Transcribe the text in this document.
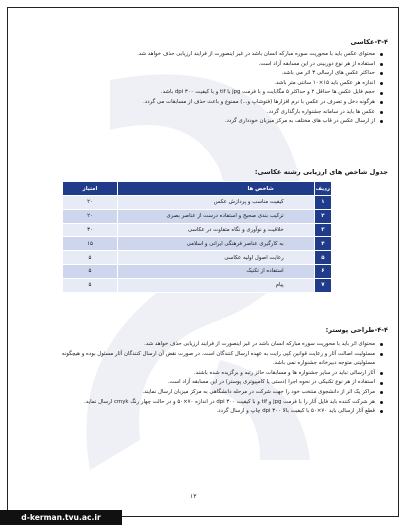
۳-۴-عکاسی
محتوای عکس باید با محوریت سوره مبارکه انسان باشد در غیر اینصورت از فرایند ارزیابی حذف خواهد شد.
استفاده از هر نوع دوربینی در این مسابقه آزاد است.
حداکثر عکس های ارسالی ۳ اثر می باشد.
اندازه هر عکس باید ۱۵×۱۰ سانتی متر باشد.
حجم فایل عکس ها حداقل ۲ و حداکثر ۵ مگابایت و با فرمت jpg یا tif و با کیفیت ۳۰۰ dpi باشد.
هرگونه دخل و تصرف در عکس با نرم افزارها (فتوشاپ و...) ممنوع و باعث حذف از مسابقات می گردد.
عکس ها باید در سامانه جشنواره بارگذاری گردد.
از ارسال عکس در قاب های مختلف به مرکز میزبان خودداری گردد.
جدول شاخص های ارزیابی رشته عکاسی:
ردیف	شاخص ها	امتیاز
۱	کیفیت مناسب و پردازش عکس	۲۰
۲	ترکیب بندی صحیح و استفاده درست از عناصر بصری	۲۰
۳	خلاقیت و نوآوری و نگاه متفاوت در عکاسی	۳۰
۴	به کارگیری عناصر فرهنگی ایرانی و اسلامی	۱۵
۵	رعایت اصول اولیه عکاسی	۵
۶	استفاده از تکنیک	۵
۷	پیام	۵
۴-۴-طراحی پوستر:
محتوای اثر باید با محوریت سوره مبارکه انسان باشد در غیر اینصورت از فرایند ارزیابی حذف خواهد شد.
مسئولیت اصالت آثار و رعایت قوانین کپی رایت به عهده ارسال کنندگان است. در صورت نقض آن ارسال کنندگان آثار مسئول بوده و هیچگونه مسئولیتی متوجه دبیرخانه جشنواره نمی باشد.
آثار ارسالی نباید در سایر جشنواره ها و مسابقات حائز رتبه و برگزیده شده باشند.
استفاده از هر نوع تکنیکی در نحوه اجرا (دستی یا کامپیوتری پوستر) در این مسابقه آزاد است.
مراکز یک اثر از دانشجوی منتخب خود را جهت شرکت در مرحله دانشگاهی به مرکز میزبان ارسال نمایند.
هر شرکت کننده باید فایل آثار را با فرمت jpg و tif و با کیفیت ۳۰۰ dpi در اندازه ۷۰×۵۰ و در حالت چهار رنگ cmyk ارسال نماید.
قطع آثار ارسالی باید ۷۰×۵۰ با کیفیت بالا ۳۰۰ dpi چاپ و ارسال گردد.
۱۳
d-kerman.tvu.ac.ir
